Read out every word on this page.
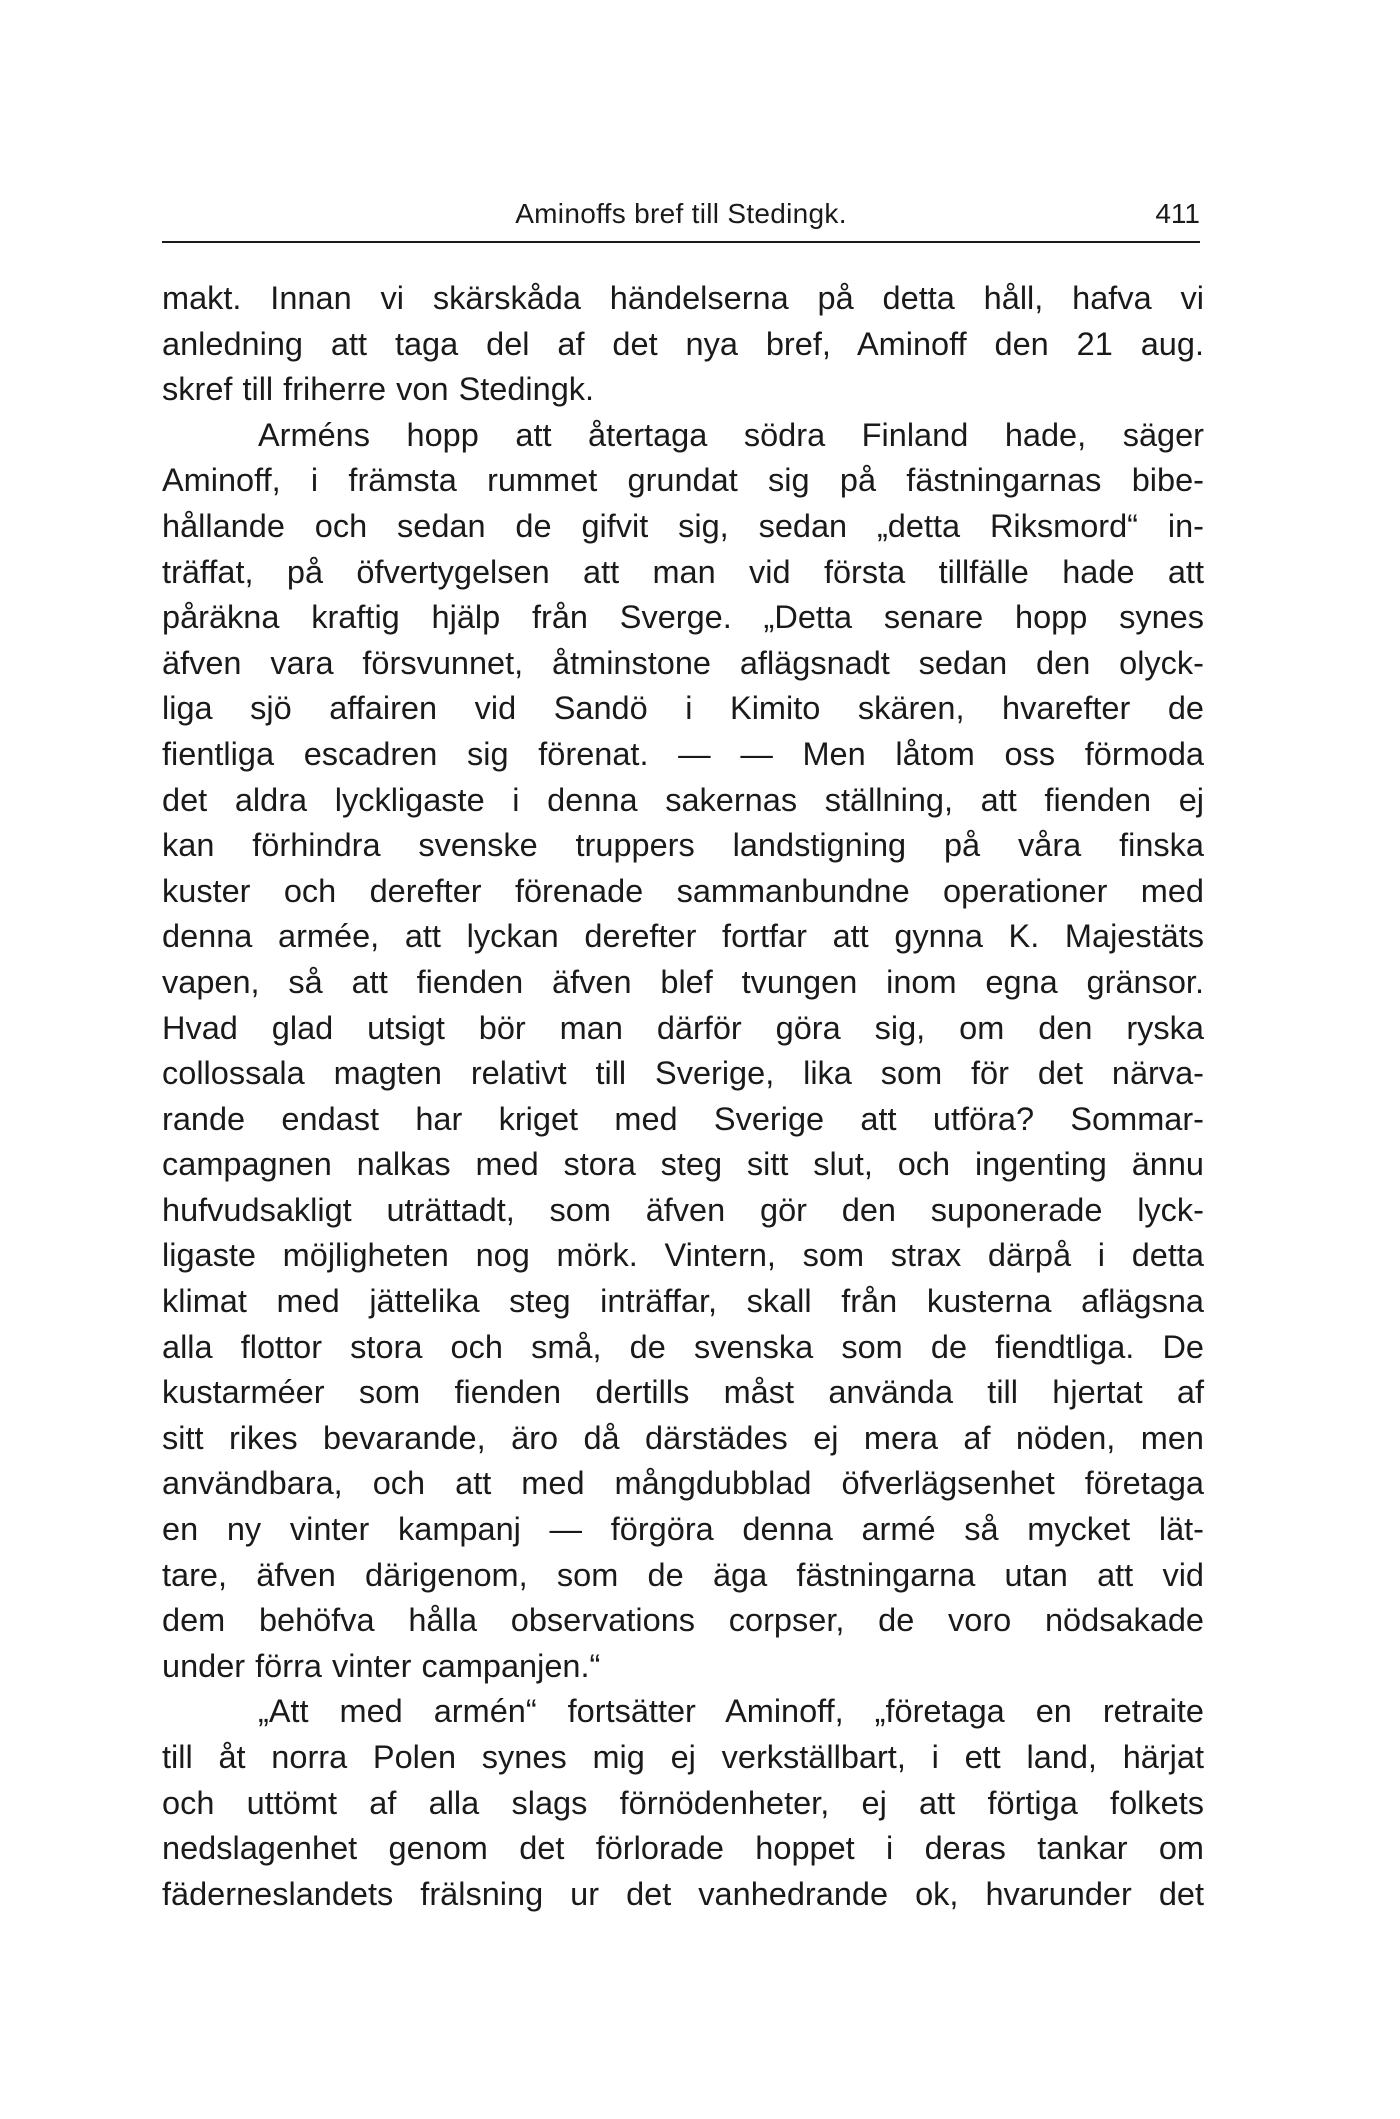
Aminoffs bref till Stedingk.	411
makt. Innan vi skärskåda händelserna på detta håll, hafva vi
anledning att taga del af det nya bref, Aminoff den 21 aug.
skref till friherre von Stedingk.
Arméns hopp att återtaga södra Finland hade, säger
Aminoff, i främsta rummet grundat sig på fästningarnas bibe-
hållande och sedan de gifvit sig, sedan „detta Riksmord“ in-
träffat, på öfvertygelsen att man vid första tillfälle hade att
påräkna kraftig hjälp från Sverge. „Detta senare hopp synes
äfven vara försvunnet, åtminstone aflägsnadt sedan den olyck-
liga sjö affairen vid Sandö i Kimito skären, hvarefter de
fientliga escadren sig förenat. — — Men låtom oss förmoda
det aldra lyckligaste i denna sakernas ställning, att fienden ej
kan förhindra svenske truppers landstigning på våra finska
kuster och derefter förenade sammanbundne operationer med
denna armée, att lyckan derefter fortfar att gynna K. Majestäts
vapen, så att fienden äfven blef tvungen inom egna gränsor.
Hvad glad utsigt bör man därför göra sig, om den ryska
collossala magten relativt till Sverige, lika som för det närva-
rande endast har kriget med Sverige att utföra? Sommar-
campagnen nalkas med stora steg sitt slut, och ingenting ännu
hufvudsakligt uträttadt, som äfven gör den suponerade lyck-
ligaste möjligheten nog mörk. Vintern, som strax därpå i detta
klimat med jättelika steg inträffar, skall från kusterna aflägsna
alla flottor stora och små, de svenska som de fiendtliga. De
kustarméer som fienden dertills måst använda till hjertat af
sitt rikes bevarande, äro då därstädes ej mera af nöden, men
användbara, och att med mångdubblad öfverlägsenhet företaga
en ny vinter kampanj — förgöra denna armé så mycket lät-
tare, äfven därigenom, som de äga fästningarna utan att vid
dem behöfva hålla observations corpser, de voro nödsakade
under förra vinter campanjen.“
„Att med armén“ fortsätter Aminoff, „företaga en retraite
till åt norra Polen synes mig ej verkställbart, i ett land, härjat
och uttömt af alla slags förnödenheter, ej att förtiga folkets
nedslagenhet genom det förlorade hoppet i deras tankar om
fäderneslandets frälsning ur det vanhedrande ok, hvarunder det
